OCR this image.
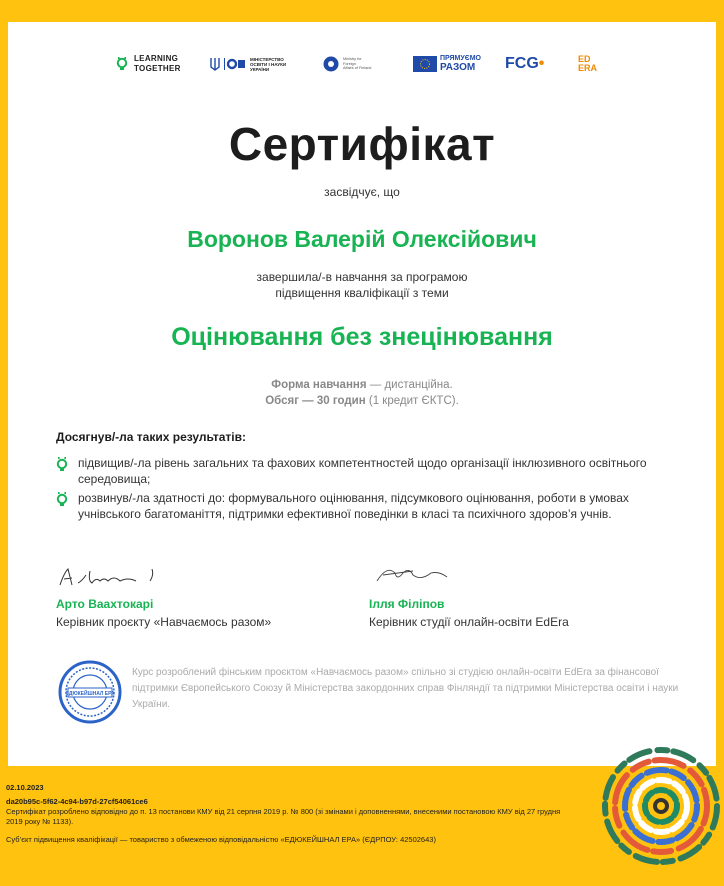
LEARNING
TOGETHER
МІНІСТЕРСТВО
ОСВІТИ І НАУКИ
УКРАЇНИ
Ministry for Foreign
Affairs of Finland
ПРЯМУЄМО
РАЗОМ	FCG •	ED
ERA
Сертифікат
засвідчує, що
Воронов Валерій Олексійович
завершила/-в навчання за програмою
підвищення кваліфікації з теми
Оцінювання без знецінювання
Форма навчання — дистанційна.
Обсяг — 30 годин (1 кредит ЄКТС).
Досягнув/-ла таких результатів:
підвищив/-ла рівень загальних та фахових компетентностей щодо організації інклюзивного освітнього середовища;
розвинув/-ла здатності до: формувального оцінювання, підсумкового оцінювання, роботи в умовах учнівського багатоманіття, підтримки ефективної поведінки в класі та психічного здоров’я учнів.
Арто Ваахтокарі
Керівник проєкту «Навчаємось разом»
Ілля Філіпов
Керівник студії онлайн-освіти EdEra
ЄДЮКЕЙШНАЛ ЕРА
Курс розроблений фінським проєктом «Навчаємось разом» спільно зі студією онлайн-освіти EdEra за фінансової підтримки Європейського Союзу й Міністерства закордонних справ Фінляндії та підтримки Міністерства освіти і науки України.
02.10.2023
da20b95c-5f62-4c94-b97d-27cf54061ce6
Сертифікат розроблено відповідно до п. 13 постанови КМУ від 21 серпня 2019 р. № 800 (зі змінами і доповненнями, внесеними постановою КМУ від 27 грудня 2019 року № 1133).
Суб’єкт підвищення кваліфікації — товариство з обмеженою відповідальністю «ЕДЮКЕЙШНАЛ ЕРА» (ЄДРПОУ: 42502643)
